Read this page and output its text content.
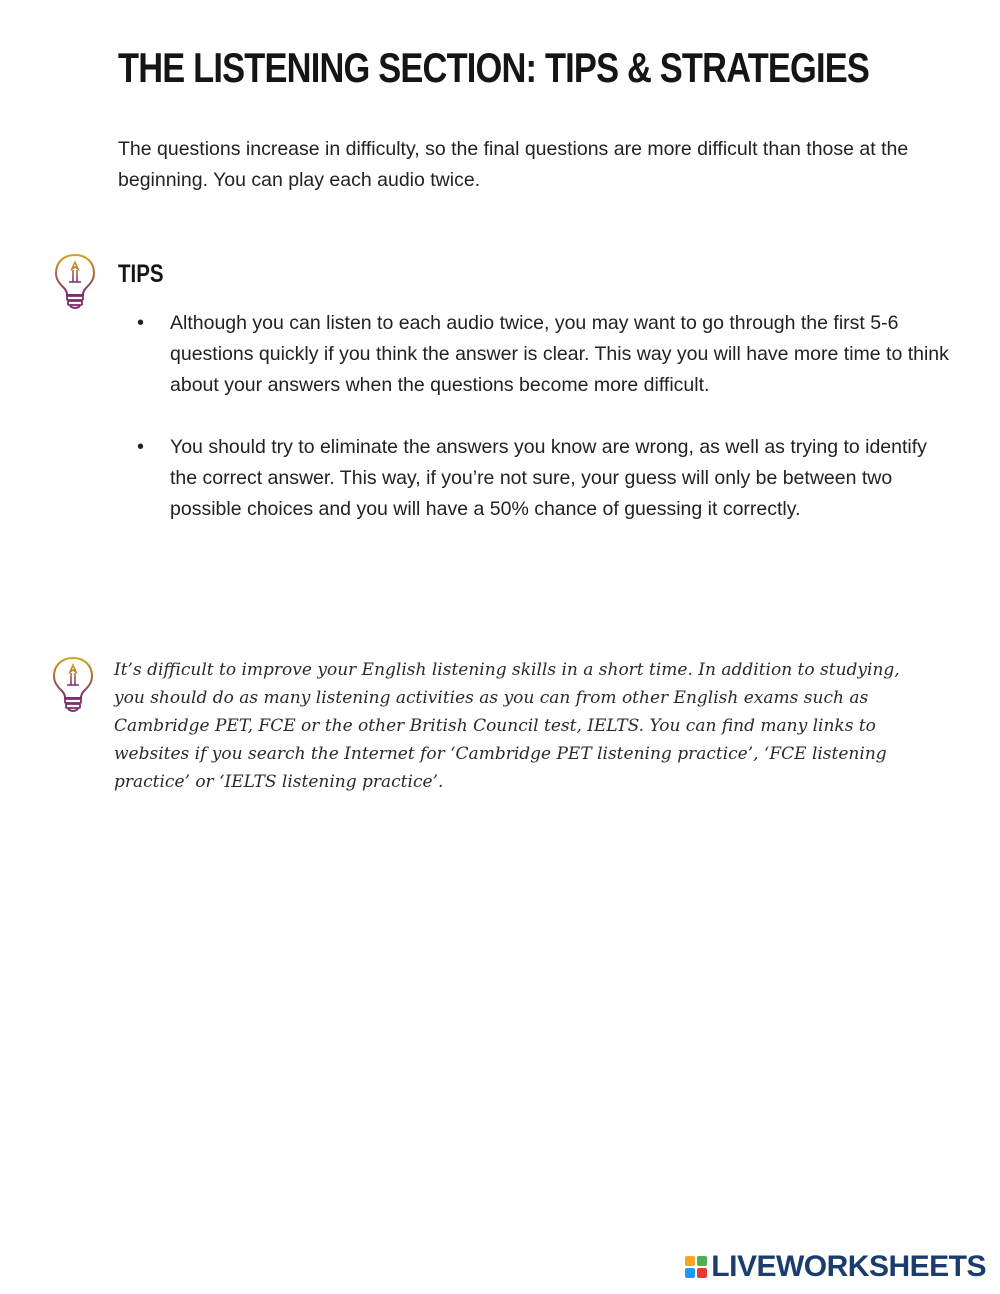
THE LISTENING SECTION: TIPS & STRATEGIES

The questions increase in difficulty, so the final questions are more difficult than those at the beginning. You can play each audio twice.

TIPS
• Although you can listen to each audio twice, you may want to go through the first 5-6 questions quickly if you think the answer is clear. This way you will have more time to think about your answers when the questions become more difficult.
• You should try to eliminate the answers you know are wrong, as well as trying to identify the correct answer. This way, if you’re not sure, your guess will only be between two possible choices and you will have a 50% chance of guessing it correctly.

It’s difficult to improve your English listening skills in a short time. In addition to studying, you should do as many listening activities as you can from other English exams such as Cambridge PET, FCE or the other British Council test, IELTS. You can find many links to websites if you search the Internet for ‘Cambridge PET listening practice’, ‘FCE listening practice’ or ‘IELTS listening practice’.

LIVEWORKSHEETS
